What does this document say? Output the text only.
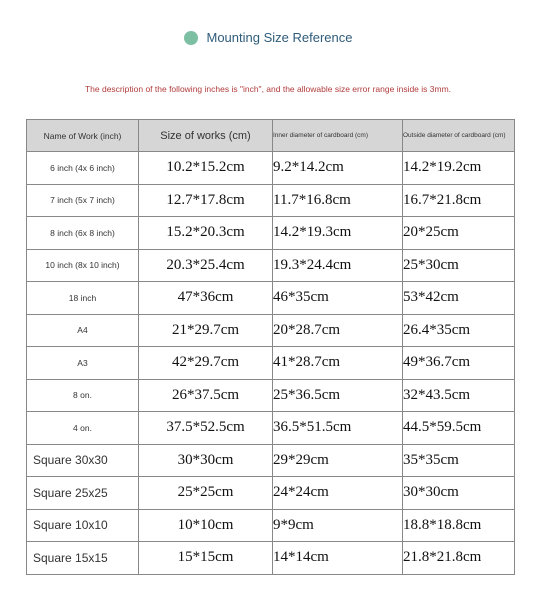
Mounting Size Reference
The description of the following inches is "inch", and the allowable size error range inside is 3mm.
Name of Work (inch)	Size of works (cm)	Inner diameter of cardboard (cm)	Outside diameter of cardboard (cm)
6 inch (4x 6 inch)	10.2*15.2cm	9.2*14.2cm	14.2*19.2cm
7 inch (5x 7 inch)	12.7*17.8cm	11.7*16.8cm	16.7*21.8cm
8 inch (6x 8 inch)	15.2*20.3cm	14.2*19.3cm	20*25cm
10 inch (8x 10 inch)	20.3*25.4cm	19.3*24.4cm	25*30cm
18 inch	47*36cm	46*35cm	53*42cm
A4	21*29.7cm	20*28.7cm	26.4*35cm
A3	42*29.7cm	41*28.7cm	49*36.7cm
8 on.	26*37.5cm	25*36.5cm	32*43.5cm
4 on.	37.5*52.5cm	36.5*51.5cm	44.5*59.5cm
Square 30x30	30*30cm	29*29cm	35*35cm
Square 25x25	25*25cm	24*24cm	30*30cm
Square 10x10	10*10cm	9*9cm	18.8*18.8cm
Square 15x15	15*15cm	14*14cm	21.8*21.8cm
